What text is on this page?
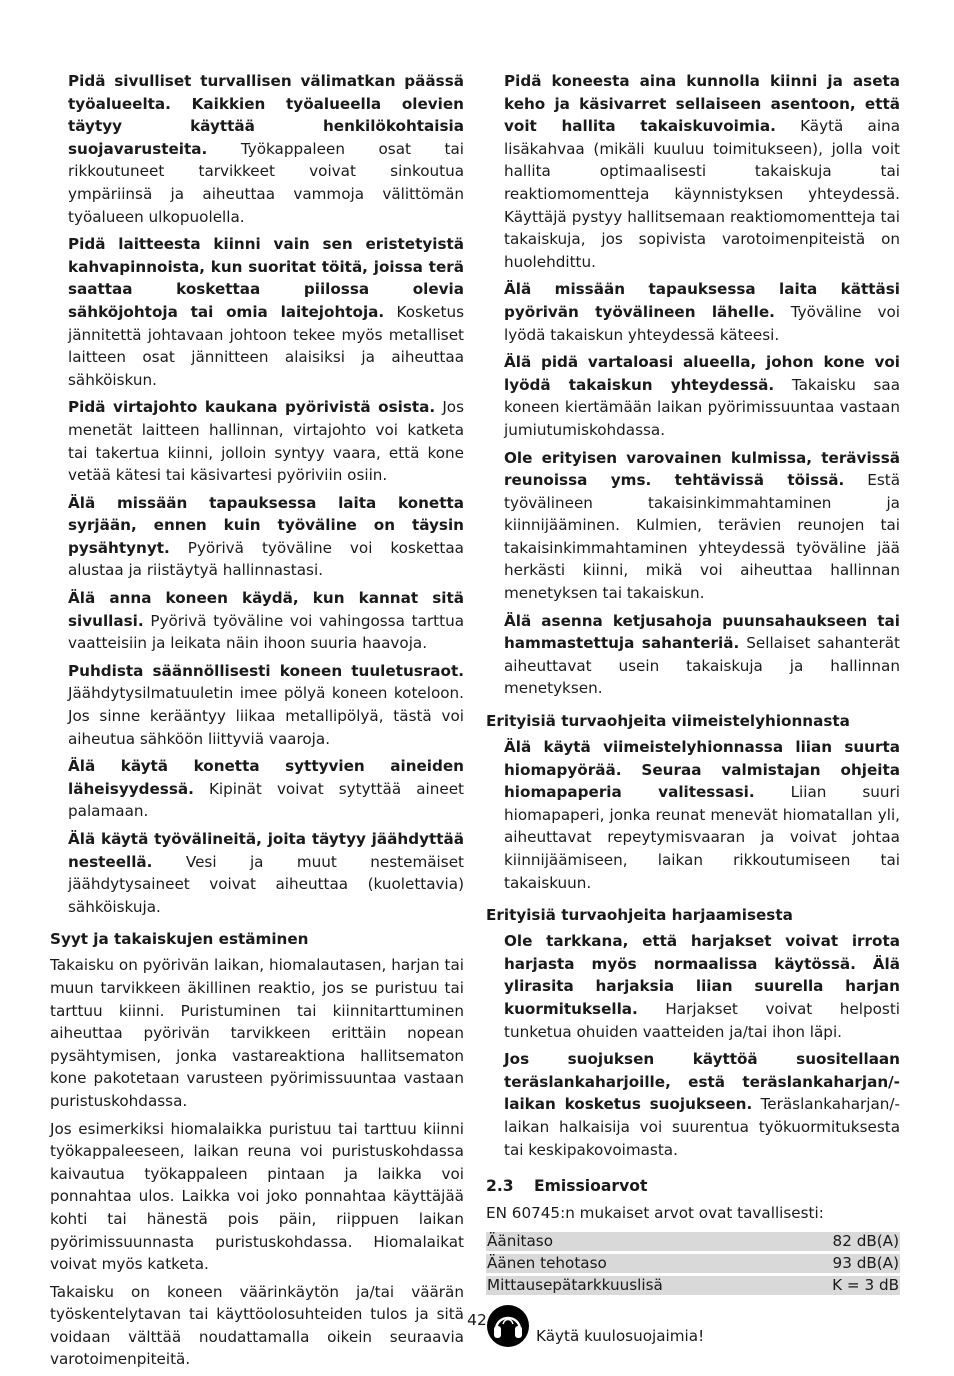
Pidä sivulliset turvallisen välimatkan päässä työalueelta. Kaikkien työalueella olevien täytyy käyttää henkilökohtaisia suojavarusteita. Työkappaleen osat tai rikkoutuneet tarvikkeet voivat sinkoutua ympäriinsä ja aiheuttaa vammoja välittömän työalueen ulkopuolella.

Pidä laitteesta kiinni vain sen eristetyistä kahvapinnoista, kun suoritat töitä, joissa terä saattaa koskettaa piilossa olevia sähköjohtoja tai omia laitejohtoja. Kosketus jännitettä johtavaan johtoon tekee myös metalliset laitteen osat jännitteen alaisiksi ja aiheuttaa sähköiskun.

Pidä virtajohto kaukana pyörivistä osista. Jos menetät laitteen hallinnan, virtajohto voi katketa tai takertua kiinni, jolloin syntyy vaara, että kone vetää kätesi tai käsivartesi pyöriviin osiin.

Älä missään tapauksessa laita konetta syrjään, ennen kuin työväline on täysin pysähtynyt. Pyörivä työväline voi koskettaa alustaa ja riistäytyä hallinnastasi.

Älä anna koneen käydä, kun kannat sitä sivullasi. Pyörivä työväline voi vahingossa tarttua vaatteisiin ja leikata näin ihoon suuria haavoja.

Puhdista säännöllisesti koneen tuuletusraot. Jäähdytysilmatuuletin imee pölyä koneen koteloon. Jos sinne kerääntyy liikaa metallipölyä, tästä voi aiheutua sähköön liittyviä vaaroja.

Älä käytä konetta syttyvien aineiden läheisyydessä. Kipinät voivat sytyttää aineet palamaan.

Älä käytä työvälineitä, joita täytyy jäähdyttää nesteellä. Vesi ja muut nestemäiset jäähdytysaineet voivat aiheuttaa (kuolettavia) sähköiskuja.

Syyt ja takaiskujen estäminen

Takaisku on pyörivän laikan, hiomalautasen, harjan tai muun tarvikkeen äkillinen reaktio, jos se puristuu tai tarttuu kiinni. Puristuminen tai kiinnitarttuminen aiheuttaa pyörivän tarvikkeen erittäin nopean pysähtymisen, jonka vastareaktiona hallitsematon kone pakotetaan varusteen pyörimissuuntaa vastaan puristuskohdassa.

Jos esimerkiksi hiomalaikka puristuu tai tarttuu kiinni työkappaleeseen, laikan reuna voi puristuskohdassa kaivautua työkappaleen pintaan ja laikka voi ponnahtaa ulos. Laikka voi joko ponnahtaa käyttäjää kohti tai hänestä pois päin, riippuen laikan pyörimissuunnasta puristuskohdassa. Hiomalaikat voivat myös katketa.

Takaisku on koneen väärinkäytön ja/tai väärän työskentelytavan tai käyttöolosuhteiden tulos ja sitä voidaan välttää noudattamalla oikein seuraavia varotoimenpiteitä.

Pidä koneesta aina kunnolla kiinni ja aseta keho ja käsivarret sellaiseen asentoon, että voit hallita takaiskuvoimia. Käytä aina lisäkahvaa (mikäli kuuluu toimitukseen), jolla voit hallita optimaalisesti takaiskuja tai reaktiomomentteja käynnistyksen yhteydessä. Käyttäjä pystyy hallitsemaan reaktiomomentteja tai takaiskuja, jos sopivista varotoimenpiteistä on huolehdittu.

Älä missään tapauksessa laita kättäsi pyörivän työvälineen lähelle. Työväline voi lyödä takaiskun yhteydessä käteesi.

Älä pidä vartaloasi alueella, johon kone voi lyödä takaiskun yhteydessä. Takaisku saa koneen kiertämään laikan pyörimissuuntaa vastaan jumiutumiskohdassa.

Ole erityisen varovainen kulmissa, terävissä reunoissa yms. tehtävissä töissä. Estä työvälineen takaisinkimmahtaminen ja kiinnijääminen. Kulmien, terävien reunojen tai takaisinkimmahtaminen yhteydessä työväline jää herkästi kiinni, mikä voi aiheuttaa hallinnan menetyksen tai takaiskun.

Älä asenna ketjusahoja puunsahaukseen tai hammastettuja sahanteriä. Sellaiset sahanterät aiheuttavat usein takaiskuja ja hallinnan menetyksen.

Erityisiä turvaohjeita viimeistelyhionnasta

Älä käytä viimeistelyhionnassa liian suurta hiomapyörää. Seuraa valmistajan ohjeita hiomapaperia valitessasi. Liian suuri hiomapaperi, jonka reunat menevät hiomatallan yli, aiheuttavat repeytymisvaaran ja voivat johtaa kiinnijäämiseen, laikan rikkoutumiseen tai takaiskuun.

Erityisiä turvaohjeita harjaamisesta

Ole tarkkana, että harjakset voivat irrota harjasta myös normaalissa käytössä. Älä ylirasita harjaksia liian suurella harjan kuormituksella. Harjakset voivat helposti tunketua ohuiden vaatteiden ja/tai ihon läpi.

Jos suojuksen käyttöä suositellaan teräslankaharjoille, estä teräslankaharjan/-laikan kosketus suojukseen. Teräslankaharjan/-laikan halkaisija voi suurentua työkuormituksesta tai keskipakovoimasta.

2.3	Emissioarvot

EN 60745:n mukaiset arvot ovat tavallisesti:

Äänitaso	82 dB(A)
Äänen tehotaso	93 dB(A)
Mittausepätarkkuuslisä	K = 3 dB
Käytä kuulosuojaimia!
42
